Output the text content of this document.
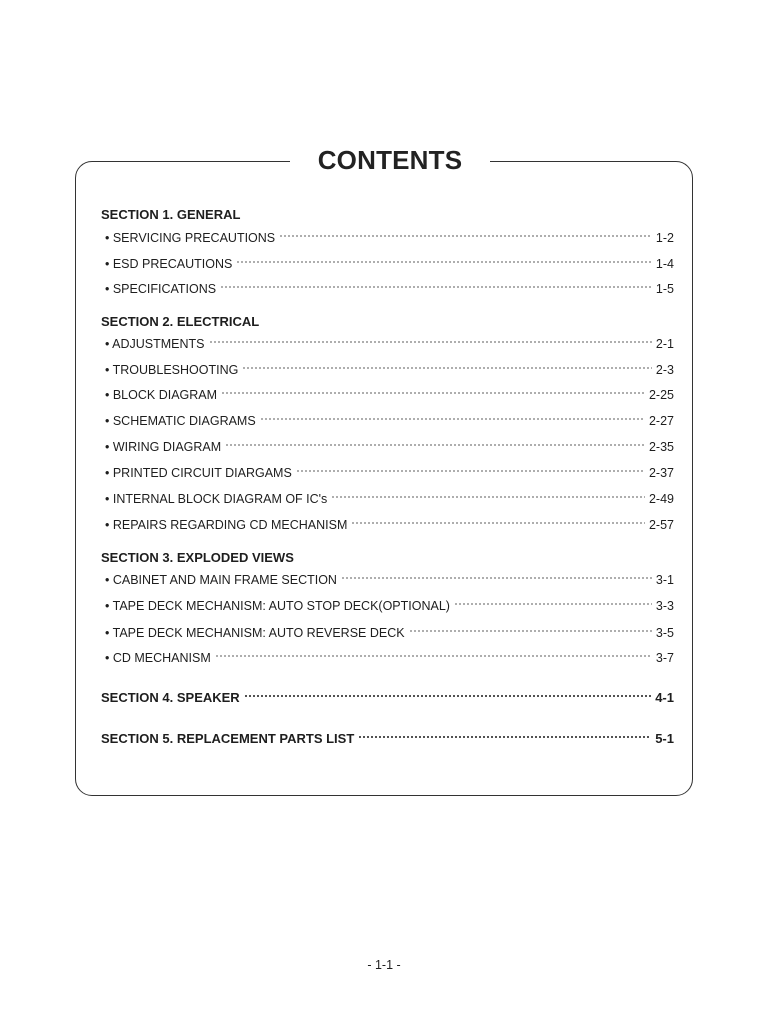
CONTENTS
SECTION 1. GENERAL
• SERVICING PRECAUTIONS	1-2
• ESD PRECAUTIONS	1-4
• SPECIFICATIONS	1-5
SECTION 2. ELECTRICAL
• ADJUSTMENTS	2-1
• TROUBLESHOOTING	2-3
• BLOCK DIAGRAM	2-25
• SCHEMATIC DIAGRAMS	2-27
• WIRING DIAGRAM	2-35
• PRINTED CIRCUIT DIARGAMS	2-37
• INTERNAL BLOCK DIAGRAM OF IC's	2-49
• REPAIRS REGARDING CD MECHANISM	2-57
SECTION 3. EXPLODED VIEWS
• CABINET AND MAIN FRAME SECTION	3-1
• TAPE DECK MECHANISM: AUTO STOP DECK(OPTIONAL)	3-3
• TAPE DECK MECHANISM: AUTO REVERSE DECK	3-5
• CD MECHANISM	3-7
SECTION 4. SPEAKER	4-1
SECTION 5. REPLACEMENT PARTS LIST	5-1
- 1-1 -
